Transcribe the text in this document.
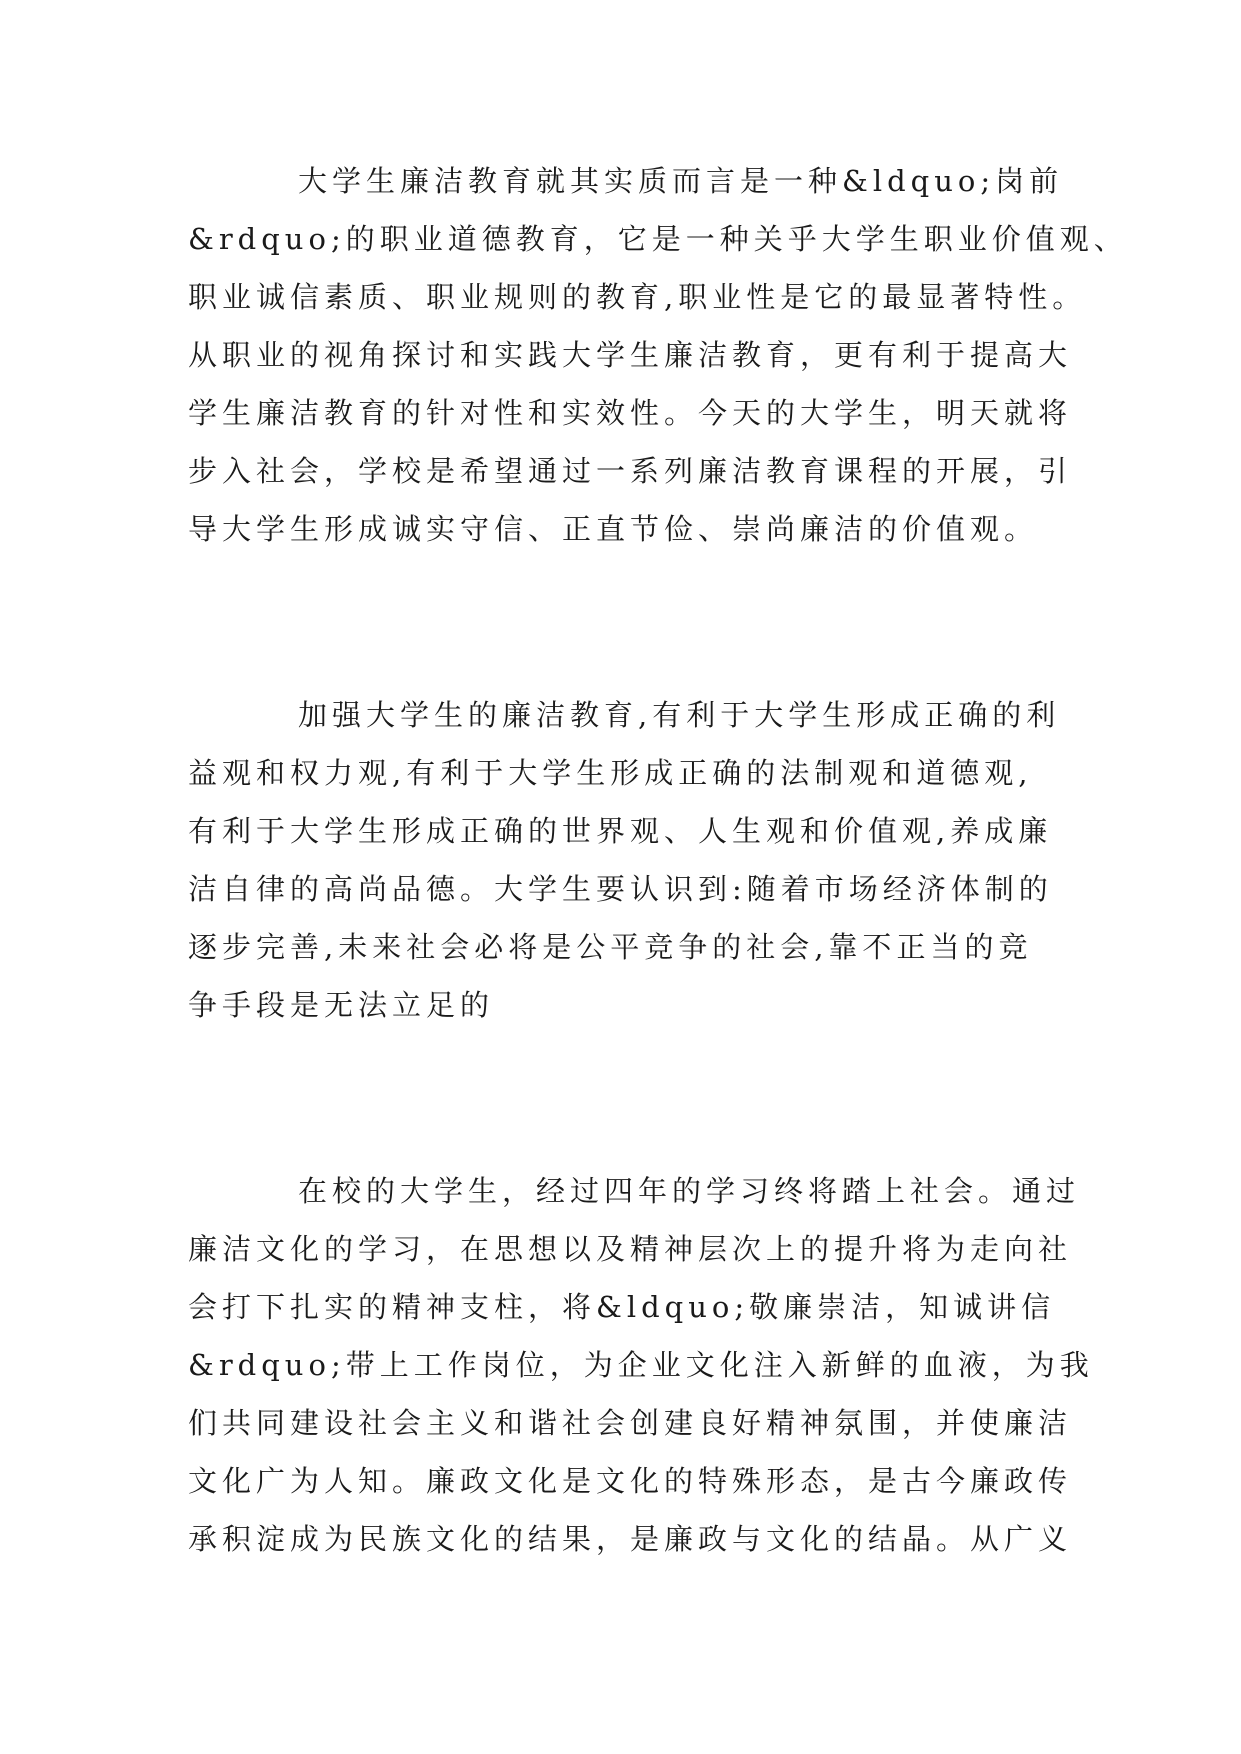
大学生廉洁教育就其实质而言是一种&ldquo;岗前
&rdquo;的职业道德教育，它是一种关乎大学生职业价值观、
职业诚信素质、职业规则的教育,职业性是它的最显著特性。
从职业的视角探讨和实践大学生廉洁教育，更有利于提高大
学生廉洁教育的针对性和实效性。今天的大学生，明天就将
步入社会，学校是希望通过一系列廉洁教育课程的开展，引
导大学生形成诚实守信、正直节俭、崇尚廉洁的价值观。
加强大学生的廉洁教育,有利于大学生形成正确的利
益观和权力观,有利于大学生形成正确的法制观和道德观,
有利于大学生形成正确的世界观、人生观和价值观,养成廉
洁自律的高尚品德。大学生要认识到:随着市场经济体制的
逐步完善,未来社会必将是公平竞争的社会,靠不正当的竞
争手段是无法立足的
在校的大学生，经过四年的学习终将踏上社会。通过
廉洁文化的学习，在思想以及精神层次上的提升将为走向社
会打下扎实的精神支柱，将&ldquo;敬廉崇洁，知诚讲信
&rdquo;带上工作岗位，为企业文化注入新鲜的血液，为我
们共同建设社会主义和谐社会创建良好精神氛围，并使廉洁
文化广为人知。廉政文化是文化的特殊形态，是古今廉政传
承积淀成为民族文化的结果，是廉政与文化的结晶。从广义
